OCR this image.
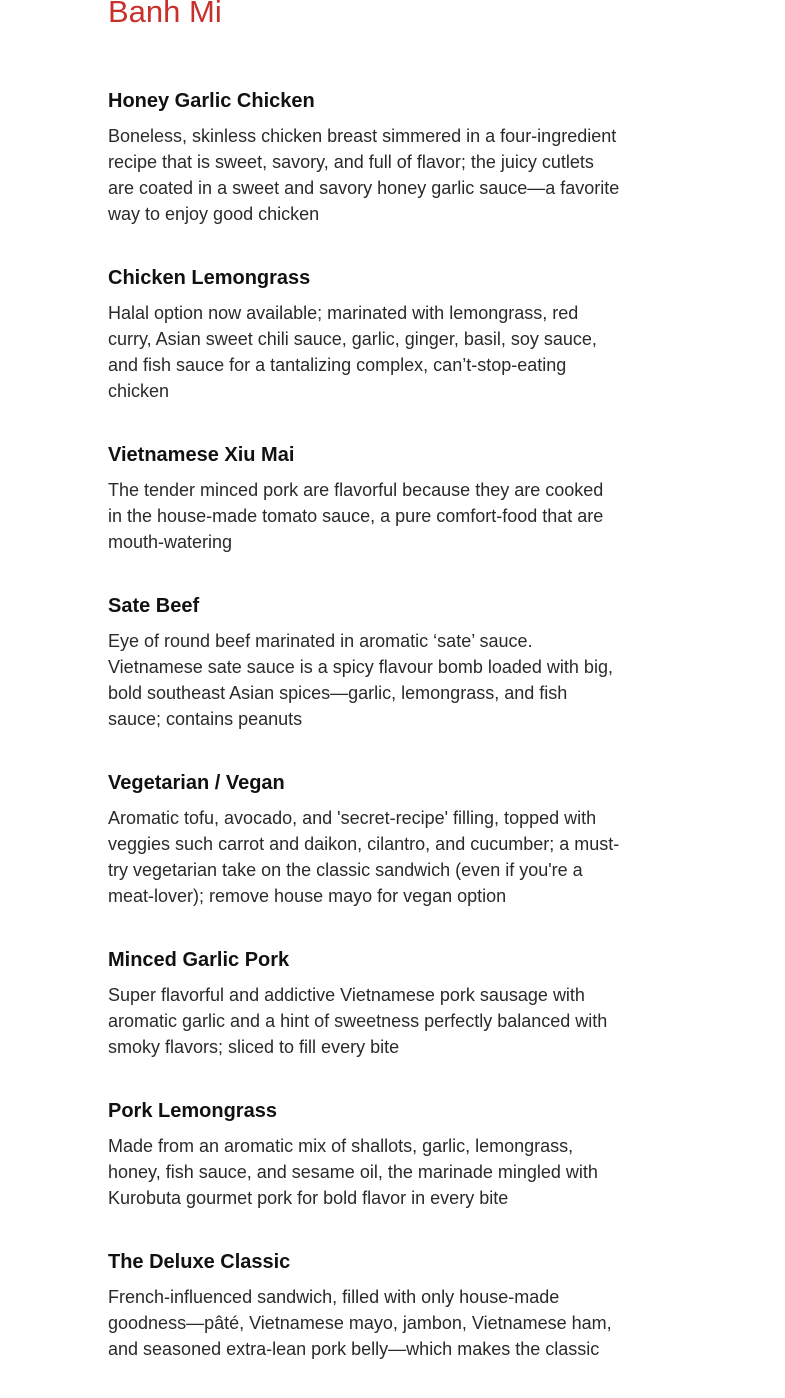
Banh Mi
Honey Garlic Chicken

Boneless, skinless chicken breast simmered in a four-ingredient recipe that is sweet, savory, and full of flavor; the juicy cutlets are coated in a sweet and savory honey garlic sauce—a favorite way to enjoy good chicken

Chicken Lemongrass

Halal option now available; marinated with lemongrass, red curry, Asian sweet chili sauce, garlic, ginger, basil, soy sauce, and fish sauce for a tantalizing complex, can’t-stop-eating chicken

Vietnamese Xiu Mai

The tender minced pork are flavorful because they are cooked in the house-made tomato sauce, a pure comfort-food that are mouth-watering

Sate Beef

Eye of round beef marinated in aromatic ‘sate’ sauce. Vietnamese sate sauce is a spicy flavour bomb loaded with big, bold southeast Asian spices—garlic, lemongrass, and fish sauce; contains peanuts

Vegetarian / Vegan

Aromatic tofu, avocado, and 'secret-recipe' filling, topped with veggies such carrot and daikon, cilantro, and cucumber; a must-try vegetarian take on the classic sandwich (even if you're a meat-lover); remove house mayo for vegan option

Minced Garlic Pork

Super flavorful and addictive Vietnamese pork sausage with aromatic garlic and a hint of sweetness perfectly balanced with smoky flavors; sliced to fill every bite

Pork Lemongrass

Made from an aromatic mix of shallots, garlic, lemongrass, honey, fish sauce, and sesame oil, the marinade mingled with Kurobuta gourmet pork for bold flavor in every bite

The Deluxe Classic

French-influenced sandwich, filled with only house-made goodness—pâté, Vietnamese mayo, jambon, Vietnamese ham, and seasoned extra-lean pork belly—which makes the classic
